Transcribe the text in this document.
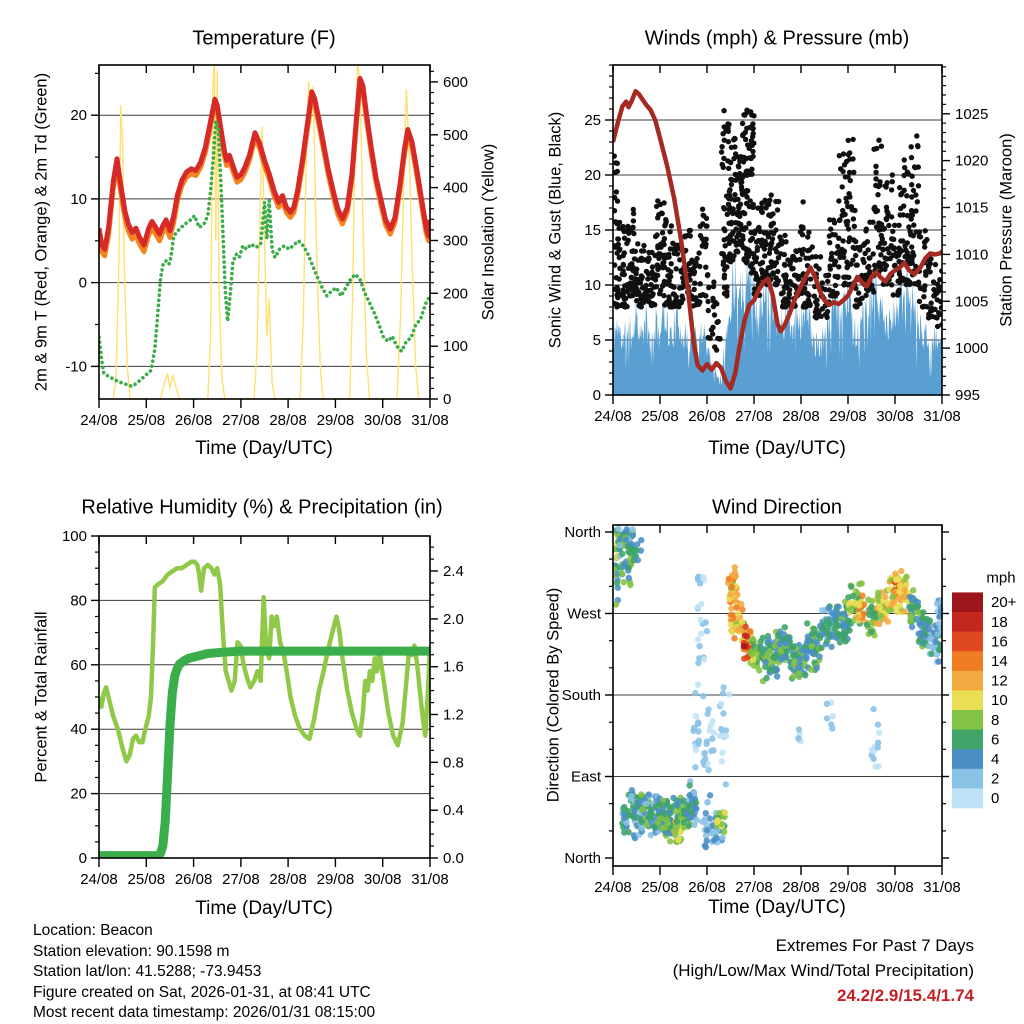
24/08 25/08 26/08 27/08 28/08 29/08 30/08 31/08
-10
0
10
20
0
100
200
300
400
500
600
24/08 25/08 26/08 27/08 28/08 29/08 30/08 31/08
0
5
10
15
20
25
995
1000
1005
1010
1015
1020
1025
24/08 25/08 26/08 27/08 28/08 29/08 30/08 31/08
0
20
40
60
80
100
0.0
0.4
0.8
1.2
1.6
2.0
2.4
24/08 25/08 26/08 27/08 28/08 29/08 30/08 31/08
North
East
South
West
North
20+
18
16
14
12
10
8
6
4
2
0
Temperature (F)
Time (Day/UTC)
2m & 9m T (Red, Orange) & 2m Td (Green)	Solar Insolation (Yellow)
Winds (mph) & Pressure (mb)
Time (Day/UTC)
Sonic Wind & Gust (Blue, Black)	Station Pressure (Maroon)
Relative Humidity (%) & Precipitation (in)
Time (Day/UTC)
Percent & Total Rainfall
Wind Direction
Time (Day/UTC)
Direction (Colored By Speed)
mph
Location: Beacon
Station elevation: 90.1598 m
Station lat/lon: 41.5288; -73.9453
Figure created on Sat, 2026-01-31, at 08:41 UTC
Most recent data timestamp: 2026/01/31 08:15:00
Extremes For Past 7 Days
(High/Low/Max Wind/Total Precipitation)
24.2/2.9/15.4/1.74
